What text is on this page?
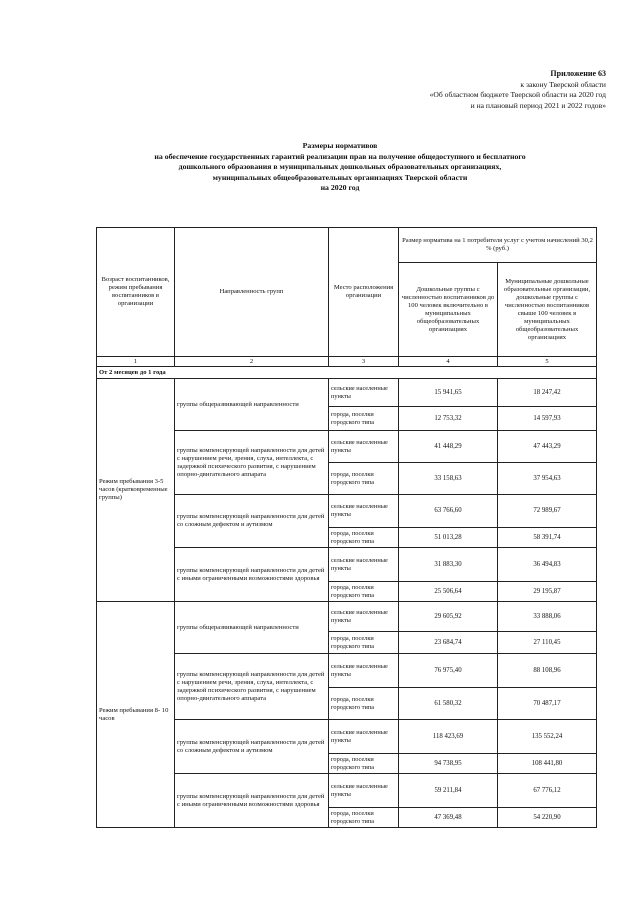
Приложение 63
к закону Тверской области
«Об областном бюджете Тверской области на 2020 год
и на плановый период 2021 и 2022 годов»
Размеры нормативов
на обеспечение государственных гарантий реализации прав на получение общедоступного и бесплатного
дошкольного образования в муниципальных дошкольных образовательных организациях,
муниципальных общеобразовательных организациях Тверской области
на 2020 год
Возраст воспитанников, режим пребывания воспитанников в организации	Направленность групп	Место расположения организации	Размер норматива на 1 потребителя услуг с учетом начислений 30,2 % (руб.)	
			Дошкольные группы с численностью воспитанников до 100 человек включительно в муниципальных общеобразовательных организациях	Муниципальные дошкольные образовательные организации, дошкольные группы с численностью воспитанников свыше 100 человек в муниципальных общеобразовательных организациях
1	2	3	4	5
От 2 месяцев до 1 года				
Режим пребывания 3-5 часов (кратковременные группы)	группы общеразвивающей направленности	сельские населенные пункты	15 941,65	18 247,42
		города, поселки городского типа	12 753,32	14 597,93
	группы компенсирующей направленности для детей с нарушением речи, зрения, слуха, интеллекта, с задержкой психического развития, с нарушением опорно-двигательного аппарата	сельские населенные пункты	41 448,29	47 443,29
		города, поселки городского типа	33 158,63	37 954,63
	группы компенсирующей направленности для детей со сложным дефектом и аутизмом	сельские населенные пункты	63 766,60	72 989,67
		города, поселки городского типа	51 013,28	58 391,74
	группы компенсирующей направленности для детей с иными ограниченными возможностями здоровья	сельские населенные пункты	31 883,30	36 494,83
		города, поселки городского типа	25 506,64	29 195,87
Режим пребывания 8- 10 часов	группы общеразвивающей направленности	сельские населенные пункты	29 605,92	33 888,06
		города, поселки городского типа	23 684,74	27 110,45
	группы компенсирующей направленности для детей с нарушением речи, зрения, слуха, интеллекта, с задержкой психического развития, с нарушением опорно-двигательного аппарата	сельские населенные пункты	76 975,40	88 108,96
		города, поселки городского типа	61 580,32	70 487,17
	группы компенсирующей направленности для детей со сложным дефектом и аутизмом	сельские населенные пункты	118 423,69	135 552,24
		города, поселки городского типа	94 738,95	108 441,80
	группы компенсирующей направленности для детей с иными ограниченными возможностями здоровья	сельские населенные пункты	59 211,84	67 776,12
		города, поселки городского типа	47 369,48	54 220,90
